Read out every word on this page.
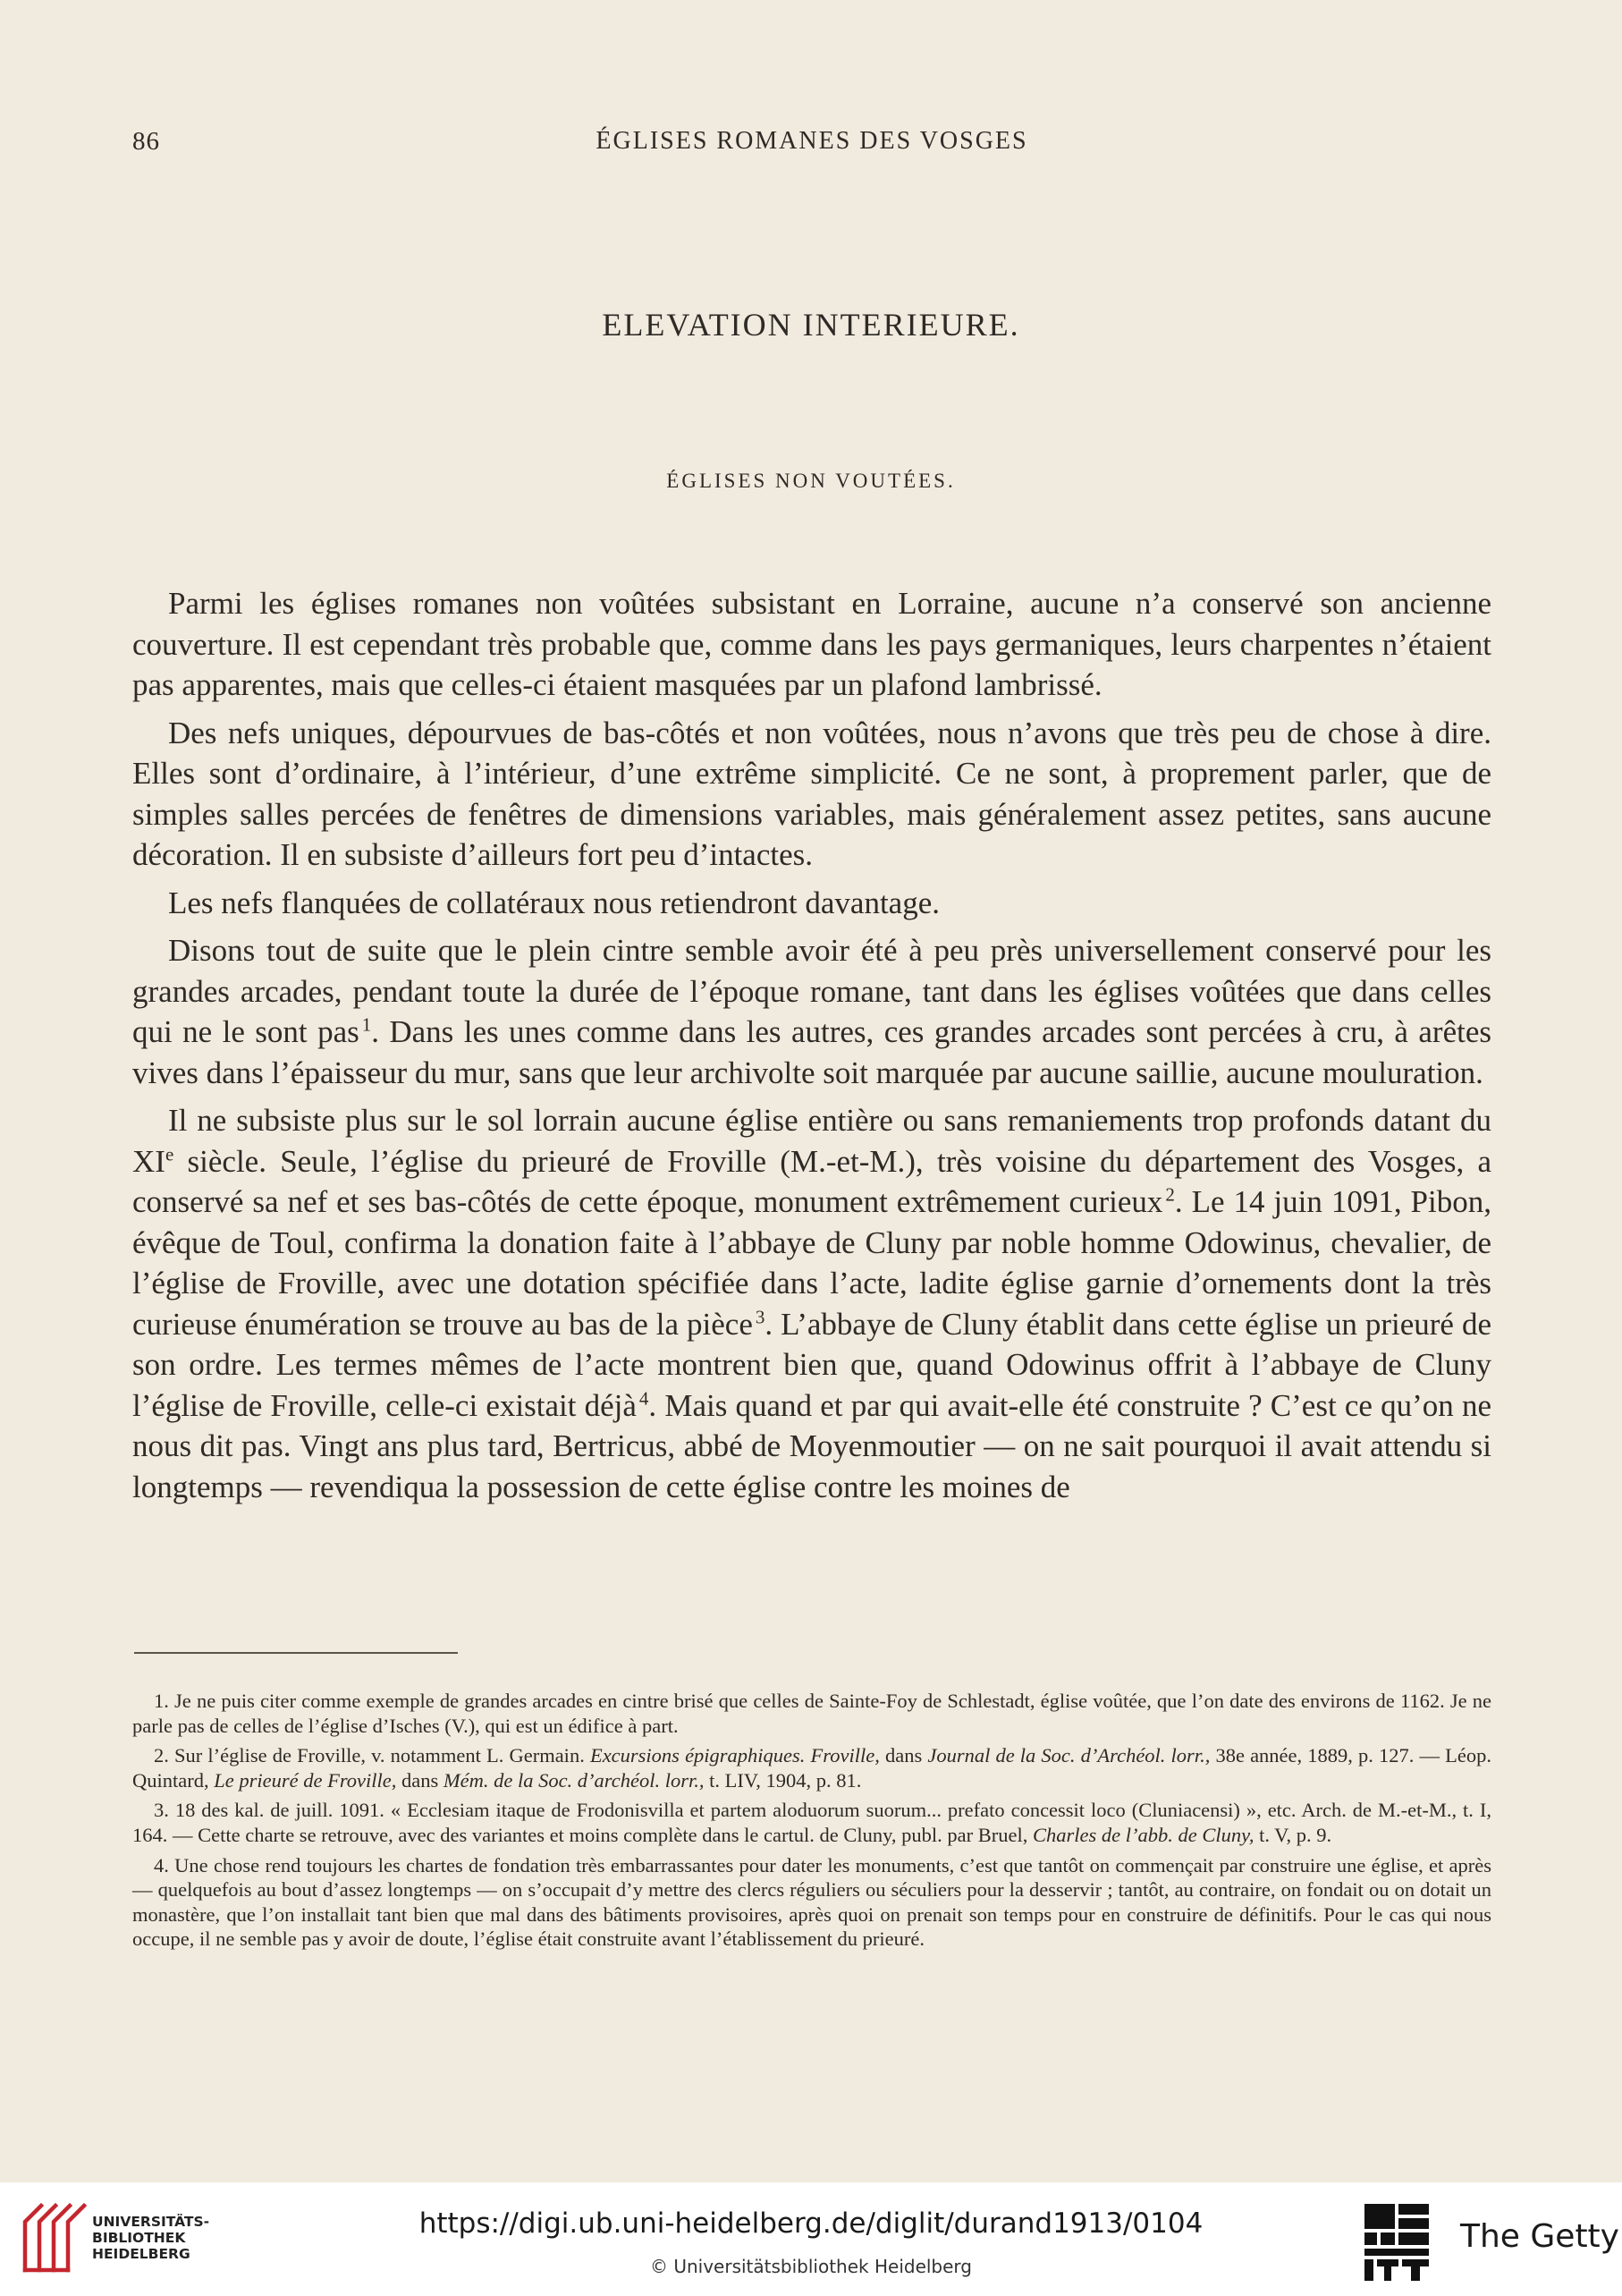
86	ÉGLISES ROMANES DES VOSGES
ELEVATION INTERIEURE.
ÉGLISES NON VOUTÉES.

Parmi les églises romanes non voûtées subsistant en Lorraine, aucune n’a conservé son ancienne couverture. Il est cependant très probable que, comme dans les pays germaniques, leurs charpentes n’étaient pas apparentes, mais que celles-ci étaient masquées par un plafond lambrissé.

Des nefs uniques, dépourvues de bas-côtés et non voûtées, nous n’avons que très peu de chose à dire. Elles sont d’ordinaire, à l’intérieur, d’une extrême simplicité. Ce ne sont, à proprement parler, que de simples salles percées de fenêtres de dimensions variables, mais généralement assez petites, sans aucune décoration. Il en subsiste d’ailleurs fort peu d’intactes.

Les nefs flanquées de collatéraux nous retiendront davantage.

Disons tout de suite que le plein cintre semble avoir été à peu près universellement conservé pour les grandes arcades, pendant toute la durée de l’époque romane, tant dans les églises voûtées que dans celles qui ne le sont pas  $^1$. Dans les unes comme dans les autres, ces grandes arcades sont percées à cru, à arêtes vives dans l’épaisseur du mur, sans que leur archivolte soit marquée par aucune saillie, aucune mouluration.

Il ne subsiste plus sur le sol lorrain aucune église entière ou sans remaniements trop profonds datant du XIe siècle. Seule, l’église du prieuré de Froville (M.-et-M.), très voisine du département des Vosges, a conservé sa nef et ses bas-côtés de cette époque, monument extrêmement curieux  $^2$. Le 14 juin 1091, Pibon, évêque de Toul, confirma la donation faite à l’abbaye de Cluny par noble homme Odowinus, chevalier, de l’église de Froville, avec une dotation spécifiée dans l’acte, ladite église garnie d’ornements dont la très curieuse énumération se trouve au bas de la pièce  $^3$. L’abbaye de Cluny établit dans cette église un prieuré de son ordre. Les termes mêmes de l’acte montrent bien que, quand Odowinus offrit à l’abbaye de Cluny l’église de Froville, celle-ci existait déjà  $^4$. Mais quand et par qui avait-elle été construite ? C’est ce qu’on ne nous dit pas. Vingt ans plus tard, Bertricus, abbé de Moyenmoutier — on ne sait pourquoi il avait attendu si longtemps — revendiqua la possession de cette église contre les moines de

1. Je ne puis citer comme exemple de grandes arcades en cintre brisé que celles de Sainte-Foy de Schlestadt, église voûtée, que l’on date des environs de 1162. Je ne parle pas de celles de l’église d’Isches (V.), qui est un édifice à part.

2. Sur l’église de Froville, v. notamment L. Germain. Excursions épigraphiques. Froville, dans Journal de la Soc. d’Archéol. lorr., 38e année, 1889, p. 127. — Léop. Quintard, Le prieuré de Froville, dans Mém. de la Soc. d’archéol. lorr., t. LIV, 1904, p. 81.

3. 18 des kal. de juill. 1091. « Ecclesiam itaque de Frodonisvilla et partem aloduorum suorum... prefato concessit loco (Cluniacensi) », etc. Arch. de M.-et-M., t. I, 164. — Cette charte se retrouve, avec des variantes et moins complète dans le cartul. de Cluny, publ. par Bruel, Charles de l’abb. de Cluny, t. V, p. 9.

4. Une chose rend toujours les chartes de fondation très embarrassantes pour dater les monuments, c’est que tantôt on commençait par construire une église, et après — quelquefois au bout d’assez longtemps — on s’occupait d’y mettre des clercs réguliers ou séculiers pour la desservir ; tantôt, au contraire, on fondait ou on dotait un monastère, que l’on installait tant bien que mal dans des bâtiments provisoires, après quoi on prenait son temps pour en construire de définitifs. Pour le cas qui nous occupe, il ne semble pas y avoir de doute, l’église était construite avant l’établissement du prieuré.

UNIVERSITÄTS-
BIBLIOTHEK
HEIDELBERG
https://digi.ub.uni-heidelberg.de/diglit/durand1913/0104
© Universitätsbibliothek Heidelberg
The Getty
